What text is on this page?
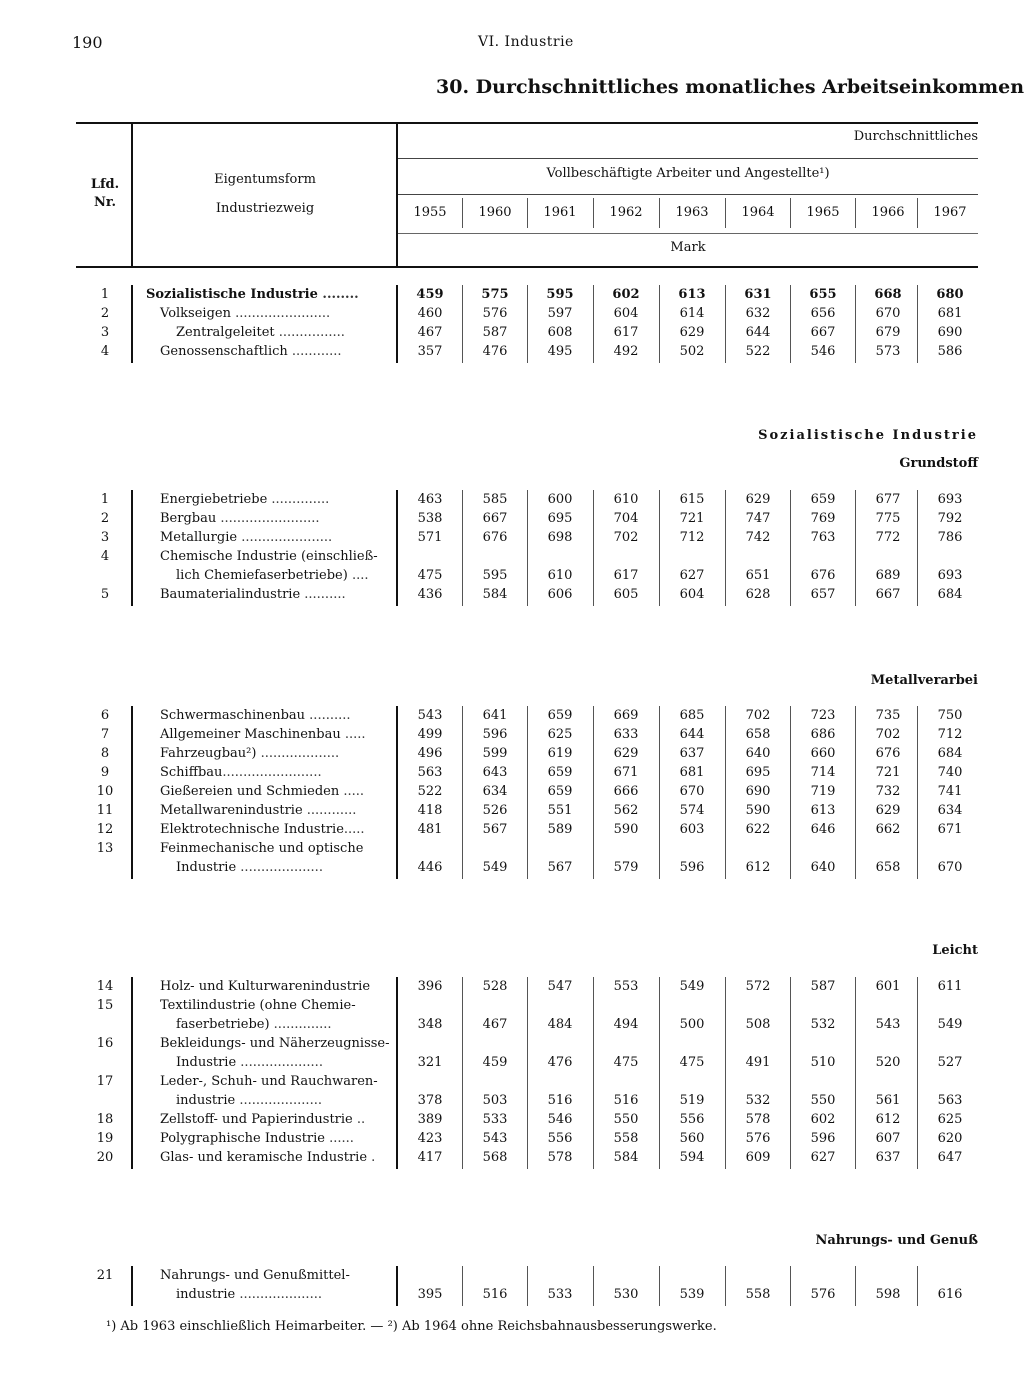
190	VI. Industrie
30. Durchschnittliches monatliches Arbeitseinkommen
Lfd.
Nr.
Eigentumsform
Industriezweig
Durchschnittliches
Vollbeschäftigte Arbeiter und Angestellte¹)
Mark
1955	1960	1961	1962	1963	1964	1965	1966	1967
1	Sozialistische Industrie ........	459	575	595	602	613	631	655	668	680
2	Volkseigen .......................	460	576	597	604	614	632	656	670	681
3	Zentralgeleitet ................	467	587	608	617	629	644	667	679	690
4	Genossenschaftlich ............	357	476	495	492	502	522	546	573	586
Sozialistische Industrie
Grundstoff
1	Energiebetriebe ..............	463	585	600	610	615	629	659	677	693
2	Bergbau ........................	538	667	695	704	721	747	769	775	792
3	Metallurgie ......................	571	676	698	702	712	742	763	772	786
4	Chemische Industrie (einschließ-
lich Chemiefaserbetriebe) ....	475	595	610	617	627	651	676	689	693
5	Baumaterialindustrie ..........	436	584	606	605	604	628	657	667	684
Metallverarbei
6	Schwermaschinenbau ..........	543	641	659	669	685	702	723	735	750
7	Allgemeiner Maschinenbau .....	499	596	625	633	644	658	686	702	712
8	Fahrzeugbau²) ...................	496	599	619	629	637	640	660	676	684
9	Schiffbau........................	563	643	659	671	681	695	714	721	740
10	Gießereien und Schmieden .....	522	634	659	666	670	690	719	732	741
11	Metallwarenindustrie ............	418	526	551	562	574	590	613	629	634
12	Elektrotechnische Industrie.....	481	567	589	590	603	622	646	662	671
13	Feinmechanische und optische
Industrie ....................	446	549	567	579	596	612	640	658	670
Leicht
14	Holz- und Kulturwarenindustrie	396	528	547	553	549	572	587	601	611
15	Textilindustrie (ohne Chemie-
faserbetriebe) ..............	348	467	484	494	500	508	532	543	549
16	Bekleidungs- und Näherzeugnisse-
Industrie ....................	321	459	476	475	475	491	510	520	527
17	Leder-, Schuh- und Rauchwaren-
industrie ....................	378	503	516	516	519	532	550	561	563
18	Zellstoff- und Papierindustrie ..	389	533	546	550	556	578	602	612	625
19	Polygraphische Industrie ......	423	543	556	558	560	576	596	607	620
20	Glas- und keramische Industrie .	417	568	578	584	594	609	627	637	647
Nahrungs- und Genuß
21	Nahrungs- und Genußmittel-
industrie ....................	395	516	533	530	539	558	576	598	616
¹) Ab 1963 einschließlich Heimarbeiter. — ²) Ab 1964 ohne Reichsbahnausbesserungswerke.
